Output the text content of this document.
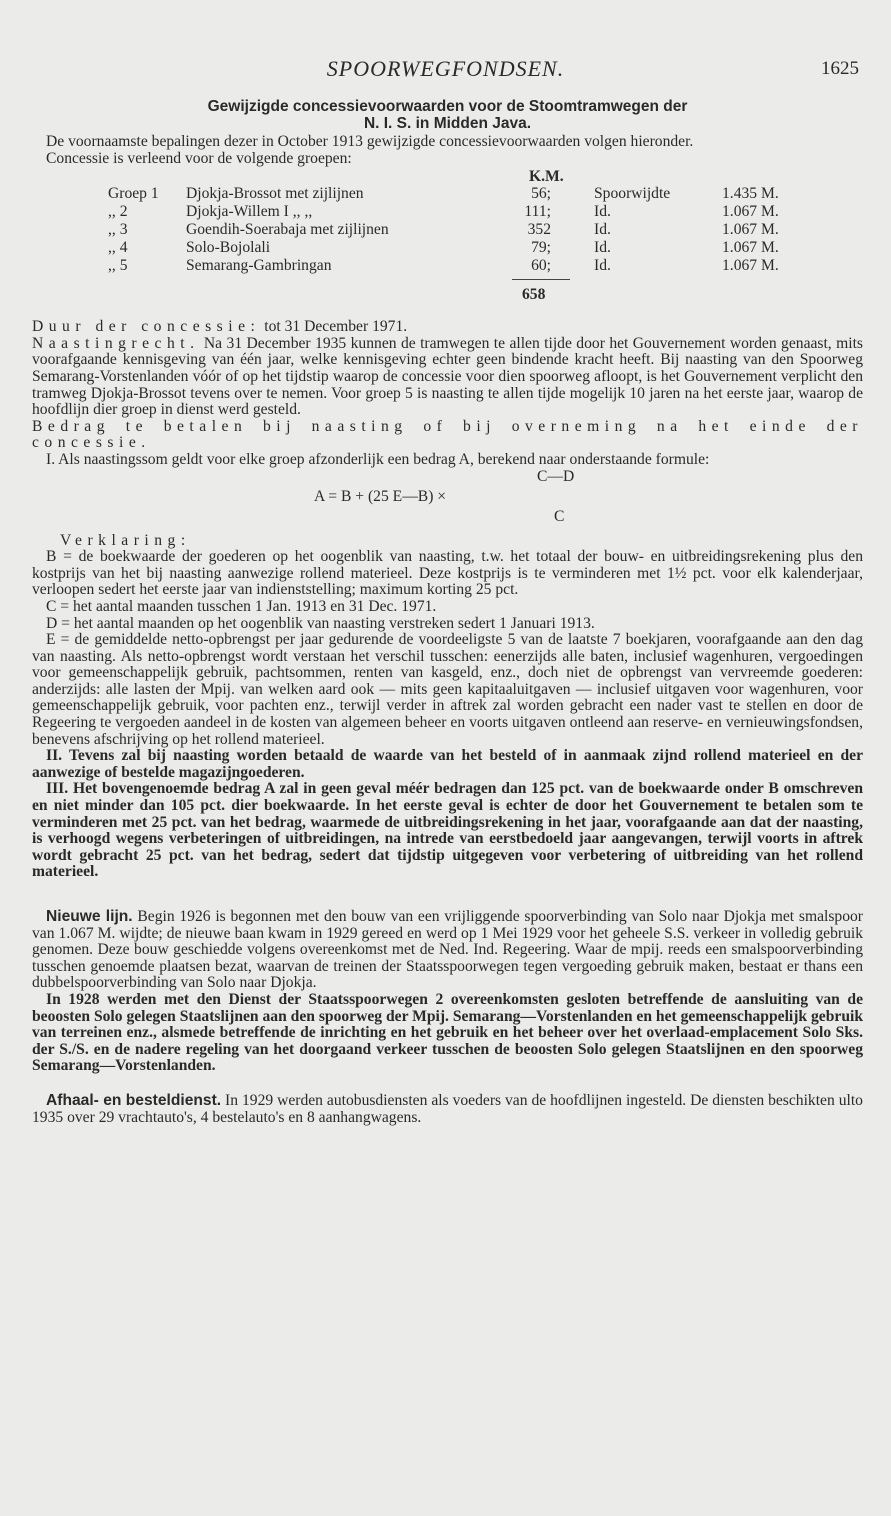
SPOORWEGFONDSEN.	1625
Gewijzigde concessievoorwaarden voor de Stoomtramwegen der
N. I. S. in Midden Java.

De voornaamste bepalingen dezer in October 1913 gewijzigde concessievoorwaarden volgen hieronder.

Concessie is verleend voor de volgende groepen:

K.M.
Groep 1 Djokja-Brossot met zijlijnen	56;	Spoorwijdte	1.435 M.
,, 2	Djokja-Willem I ,, ,,	111;	Id.	1.067 M.
,, 3	Goendih-Soerabaja met zijlijnen	352	Id.	1.067 M.
,, 4	Solo-Bojolali	79;	Id.	1.067 M.
,, 5	Semarang-Gambringan	60;	Id.	1.067 M.
658

Duur der concessie: tot 31 December 1971.

Naastingrecht. Na 31 December 1935 kunnen de tramwegen te allen tijde door het Gouvernement worden genaast, mits voorafgaande kennisgeving van één jaar, welke kennisgeving echter geen bindende kracht heeft. Bij naasting van den Spoorweg Semarang-Vorstenlanden vóór of op het tijdstip waarop de concessie voor dien spoorweg afloopt, is het Gouvernement verplicht den tramweg Djokja-Brossot tevens over te nemen. Voor groep 5 is naasting te allen tijde mogelijk 10 jaren na het eerste jaar, waarop de hoofdlijn dier groep in dienst werd gesteld.

Bedrag te betalen bij naasting of bij overneming na het einde der concessie.

I. Als naastingssom geldt voor elke groep afzonderlijk een bedrag A, berekend naar onderstaande formule:

C—D
A = B + (25 E—B) ×
C

Verklaring:

B = de boekwaarde der goederen op het oogenblik van naasting, t.w. het totaal der bouw- en uitbreidingsrekening plus den kostprijs van het bij naasting aanwezige rollend materieel. Deze kostprijs is te verminderen met 1½ pct. voor elk kalenderjaar, verloopen sedert het eerste jaar van indienststelling; maximum korting 25 pct.

C = het aantal maanden tusschen 1 Jan. 1913 en 31 Dec. 1971.

D = het aantal maanden op het oogenblik van naasting verstreken sedert 1 Januari 1913.

E = de gemiddelde netto-opbrengst per jaar gedurende de voordeeligste 5 van de laatste 7 boekjaren, voorafgaande aan den dag van naasting. Als netto-opbrengst wordt verstaan het verschil tusschen: eenerzijds alle baten, inclusief wagenhuren, vergoedingen voor gemeenschappelijk gebruik, pachtsommen, renten van kasgeld, enz., doch niet de opbrengst van vervreemde goederen: anderzijds: alle lasten der Mpij. van welken aard ook — mits geen kapitaaluitgaven — inclusief uitgaven voor wagenhuren, voor gemeenschappelijk gebruik, voor pachten enz., terwijl verder in aftrek zal worden gebracht een nader vast te stellen en door de Regeering te vergoeden aandeel in de kosten van algemeen beheer en voorts uitgaven ontleend aan reserve- en vernieuwingsfondsen, benevens afschrijving op het rollend materieel.

II. Tevens zal bij naasting worden betaald de waarde van het besteld of in aanmaak zijnd rollend materieel en der aanwezige of bestelde magazijngoederen.

III. Het bovengenoemde bedrag A zal in geen geval méér bedragen dan 125 pct. van de boekwaarde onder B omschreven en niet minder dan 105 pct. dier boekwaarde. In het eerste geval is echter de door het Gouvernement te betalen som te verminderen met 25 pct. van het bedrag, waarmede de uitbreidingsrekening in het jaar, voorafgaande aan dat der naasting, is verhoogd wegens verbeteringen of uitbreidingen, na intrede van eerstbedoeld jaar aangevangen, terwijl voorts in aftrek wordt gebracht 25 pct. van het bedrag, sedert dat tijdstip uitgegeven voor verbetering of uitbreiding van het rollend materieel.

Nieuwe lijn. Begin 1926 is begonnen met den bouw van een vrijliggende spoorverbinding van Solo naar Djokja met smalspoor van 1.067 M. wijdte; de nieuwe baan kwam in 1929 gereed en werd op 1 Mei 1929 voor het geheele S.S. verkeer in volledig gebruik genomen. Deze bouw geschiedde volgens overeenkomst met de Ned. Ind. Regeering. Waar de mpij. reeds een smalspoorverbinding tusschen genoemde plaatsen bezat, waarvan de treinen der Staatsspoorwegen tegen vergoeding gebruik maken, bestaat er thans een dubbelspoorverbinding van Solo naar Djokja.

In 1928 werden met den Dienst der Staatsspoorwegen 2 overeenkomsten gesloten betreffende de aansluiting van de beoosten Solo gelegen Staatslijnen aan den spoorweg der Mpij. Semarang—Vorstenlanden en het gemeenschappelijk gebruik van terreinen enz., alsmede betreffende de inrichting en het gebruik en het beheer over het overlaad-emplacement Solo Sks. der S./S. en de nadere regeling van het doorgaand verkeer tusschen de beoosten Solo gelegen Staatslijnen en den spoorweg Semarang—Vorstenlanden.

Afhaal- en besteldienst. In 1929 werden autobusdiensten als voeders van de hoofdlijnen ingesteld. De diensten beschikten ulto 1935 over 29 vrachtauto's, 4 bestelauto's en 8 aanhangwagens.
